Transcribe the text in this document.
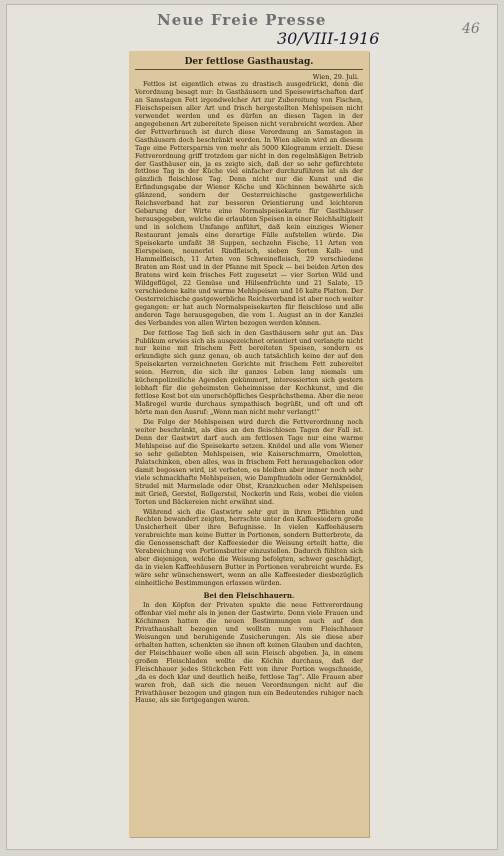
Neue Freie Presse
30/VIII-1916	46
Der fettlose Gasthaustag.
Wien, 29. Juli.

Fettlos ist eigentlich etwas zu drastisch ausgedrückt, denn die Verordnung besagt nur: In Gasthäusern und Speisewirtschaften darf an Samstagen Fett irgendwelcher Art zur Zubereitung von Fischen, Fleischspeisen aller Art und frisch hergestellten Mehlspeisen nicht verwendet werden und es dürfen an diesen Tagen in der angegebenen Art zubereitete Speisen nicht verabreicht werden. Aber der Fettverbrauch ist durch diese Verordnung an Samstagen in Gasthäusern doch beschränkt worden. In Wien allein wird an diesem Tage eine Fettersparnis von mehr als 5000 Kilogramm erzielt. Diese Fettverordnung griff trotzdem gar nicht in den regelmäßigen Betrieb der Gasthäuser ein, ja es zeigte sich, daß der so sehr gefürchtete fettlose Tag in der Küche viel einfacher durchzuführen ist als der gänzlich fleischlose Tag. Denn nicht nur die Kunst und die Erfindungsgabe der Wiener Köche und Köchinnen bewährte sich glänzend, sondern der Oesterreichische gastgewerbliche Reichsverband hat zur besseren Orientierung und leichteren Gebarung der Wirte eine Normalspeisekarte für Gasthäuser herausgegeben, welche die erlaubten Speisen in einer Reichhaltigkeit und in solchem Umfange anführt, daß kein einziges Wiener Restaurant jemals eine derartige Fülle aufstellen würde. Die Speisekarte umfaßt 38 Suppen, sechzehn Fische, 11 Arten von Eierspeisen, neunerlei Rindfleisch, sieben Sorten Kalb- und Hammelfleisch, 11 Arten von Schweinefleisch, 29 verschiedene Braten am Rost und in der Pfanne mit Speck — bei beiden Arten des Bratens wird kein frisches Fett zugesetzt — vier Sorten Wild und Wildgeflügel, 22 Gemüse und Hülsenfrüchte und 21 Salate, 15 verschiedene kalte und warme Mehlspeisen und 16 kalte Platten. Der Oesterreichische gastgewerbliche Reichsverband ist aber noch weiter gegangen: er hat auch Normalspeisekarten für fleischlose und alle anderen Tage herausgegeben, die vom 1. August an in der Kanzlei des Verbandes von allen Wirten bezogen werden können.

Der fettlose Tag ließ sich in den Gasthäusern sehr gut an. Das Publikum erwies sich als ausgezeichnet orientiert und verlangte nicht nur keine mit frischem Fett bereiteten Speisen, sondern es erkundigte sich ganz genau, ob auch tatsächlich keine der auf den Speisekarten verzeichneten Gerichte mit frischem Fett zubereitet seien. Herren, die sich ihr ganzes Leben lang niemals um küchenpolizeiliche Agenden gekümmert, interessierten sich gestern lebhaft für die geheimsten Geheimnisse der Kochkunst, und die fettlose Kost bot ein unerschöpfliches Gesprächsthema. Aber die neue Maßregel wurde durchaus sympathisch begrüßt, und oft und oft hörte man den Ausruf: „Wenn man nicht mehr verlangt!“

Die Folge der Mehlspeisen wird durch die Fettverordnung noch weiter beschränkt, als dies an den fleischlosen Tagen der Fall ist. Denn der Gastwirt darf auch am fettlosen Tage nur eine warme Mehlspeise auf die Speisekarte setzen. Knödel und alle vom Wiener so sehr geliebten Mehlspeisen, wie Kaiserschmarrn, Omeletten, Palatschinken, eben alles, was in frischem Fett herausgebacken oder damit begossen wird, ist verboten, es bleiben aber immer noch sehr viele schmackhafte Mehlspeisen, wie Dampfnudeln oder Germknödel, Strudel mit Marmelade oder Obst, Kranzkuchen oder Mehlspeisen mit Grieß, Gerstel, Rollgerstel, Nockerln und Reis, wobei die vielen Torten und Bäckereien nicht erwähnt sind.

Während sich die Gastwirte sehr gut in ihren Pflichten und Rechten bewandert zeigten, herrschte unter den Kaffeesiedern große Unsicherheit über ihre Befugnisse. In vielen Kaffeehäusern verabreichte man keine Butter in Portionen, sondern Butterbrote, da die Genossenschaft der Kaffeesieder die Weisung erteilt hatte, die Verabreichung von Portionsbutter einzustellen. Dadurch fühlten sich aber diejenigen, welche die Weisung befolgten, schwer geschädigt, da in vielen Kaffeehäusern Butter in Portionen verabreicht wurde. Es wäre sehr wünschenswert, wenn an alle Kaffeesieder diesbezüglich einheitliche Bestimmungen erlassen würden.

Bei den Fleischhauern.

In den Köpfen der Privaten spukte die neue Fettverordnung offenbar viel mehr als in jenen der Gastwirte. Denn viele Frauen und Köchinnen hatten die neuen Bestimmungen auch auf den Privathaushalt bezogen und wollten nun vom Fleischhauer Weisungen und beruhigende Zusicherungen. Als sie diese aber erhalten hatten, schenkten sie ihnen oft keinen Glauben und dachten, der Fleischhauer wolle eben all sein Fleisch abgeben. Ja, in einem großen Fleischladen wollte die Köchin durchaus, daß der Fleischhauer jedes Stückchen Fett von ihrer Portion wegschneide, „da es doch klar und deutlich heiße, fettlose Tag“. Alle Frauen aber waren froh, daß sich die neuen Verordnungen nicht auf die Privathäuser bezogen und gingen nun ein Bedeutendes ruhiger nach Hause, als sie fortgegangen waren.
